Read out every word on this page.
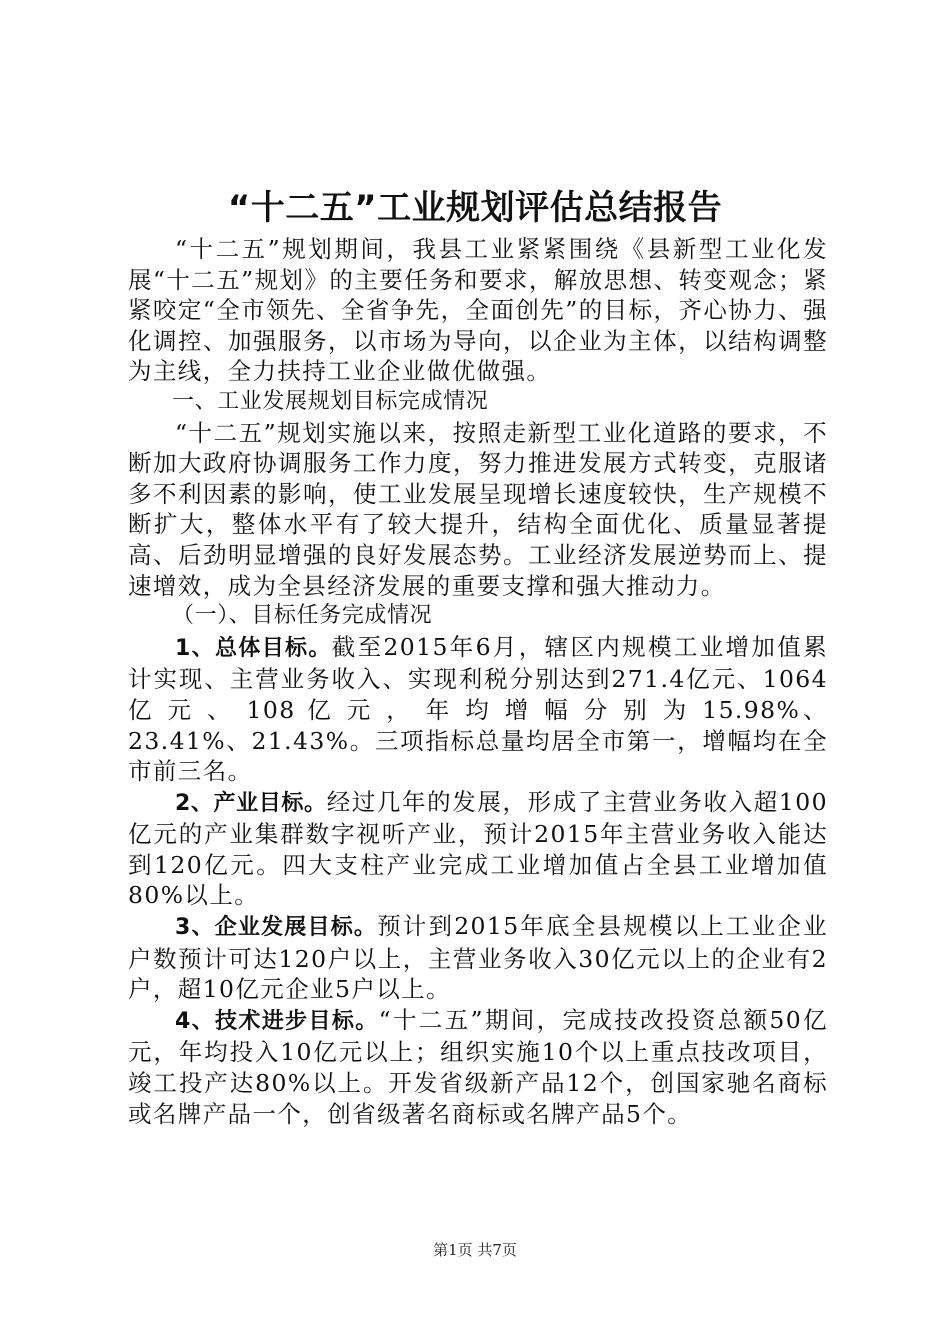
“十二五”工业规划评估总结报告

“十二五”规划期间，我县工业紧紧围绕《县新型工业化发展“十二五”规划》的主要任务和要求，解放思想、转变观念；紧紧咬定“全市领先、全省争先，全面创先”的目标，齐心协力、强化调控、加强服务，以市场为导向，以企业为主体，以结构调整为主线，全力扶持工业企业做优做强。

一、工业发展规划目标完成情况

“十二五”规划实施以来，按照走新型工业化道路的要求，不断加大政府协调服务工作力度，努力推进发展方式转变，克服诸多不利因素的影响，使工业发展呈现增长速度较快，生产规模不断扩大，整体水平有了较大提升，结构全面优化、质量显著提高、后劲明显增强的良好发展态势。工业经济发展逆势而上、提速增效，成为全县经济发展的重要支撑和强大推动力。

（一）、目标任务完成情况

1、总体目标。截至2015年6月，辖区内规模工业增加值累计实现、主营业务收入、实现利税分别达到271.4亿元、1064 亿 元 、 108 亿 元 ， 年 均 增 幅 分 别 为 15.98%、23.41%、21.43%。三项指标总量均居全市第一，增幅均在全市前三名。

2、产业目标。经过几年的发展，形成了主营业务收入超100亿元的产业集群数字视听产业，预计2015年主营业务收入能达到120亿元。四大支柱产业完成工业增加值占全县工业增加值80%以上。

3、企业发展目标。预计到2015年底全县规模以上工业企业户数预计可达120户以上，主营业务收入30亿元以上的企业有2户，超10亿元企业5户以上。

4、技术进步目标。“十二五”期间，完成技改投资总额50亿元，年均投入10亿元以上；组织实施10个以上重点技改项目，竣工投产达80%以上。开发省级新产品12个，创国家驰名商标或名牌产品一个，创省级著名商标或名牌产品5个。

第1页 共7页
